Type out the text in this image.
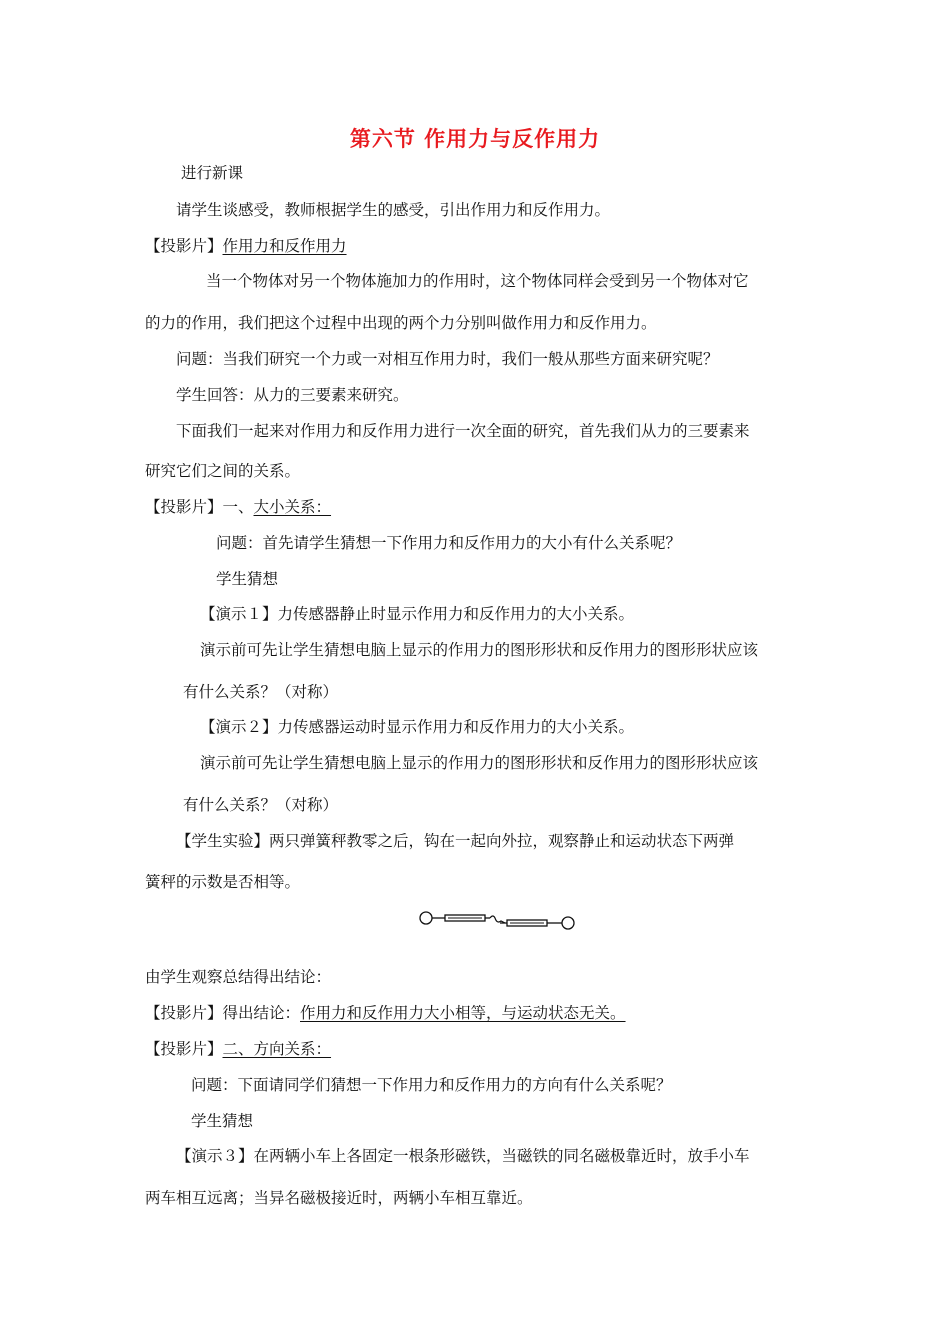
第六节 作用力与反作用力
进行新课
请学生谈感受，教师根据学生的感受，引出作用力和反作用力。
【投影片】作用力和反作用力
当一个物体对另一个物体施加力的作用时，这个物体同样会受到另一个物体对它
的力的作用，我们把这个过程中出现的两个力分别叫做作用力和反作用力。
问题：当我们研究一个力或一对相互作用力时，我们一般从那些方面来研究呢？
学生回答：从力的三要素来研究。
下面我们一起来对作用力和反作用力进行一次全面的研究，首先我们从力的三要素来
研究它们之间的关系。
【投影片】一、大小关系：
问题：首先请学生猜想一下作用力和反作用力的大小有什么关系呢？
学生猜想
【演示１】力传感器静止时显示作用力和反作用力的大小关系。
演示前可先让学生猜想电脑上显示的作用力的图形形状和反作用力的图形形状应该
有什么关系？（对称）
【演示２】力传感器运动时显示作用力和反作用力的大小关系。
演示前可先让学生猜想电脑上显示的作用力的图形形状和反作用力的图形形状应该
有什么关系？（对称）
【学生实验】两只弹簧秤教零之后，钩在一起向外拉，观察静止和运动状态下两弹
簧秤的示数是否相等。
由学生观察总结得出结论：
【投影片】得出结论：作用力和反作用力大小相等，与运动状态无关。
【投影片】二、方向关系：
问题：下面请同学们猜想一下作用力和反作用力的方向有什么关系呢？
学生猜想
【演示３】在两辆小车上各固定一根条形磁铁，当磁铁的同名磁极靠近时，放手小车
两车相互远离；当异名磁极接近时，两辆小车相互靠近。
